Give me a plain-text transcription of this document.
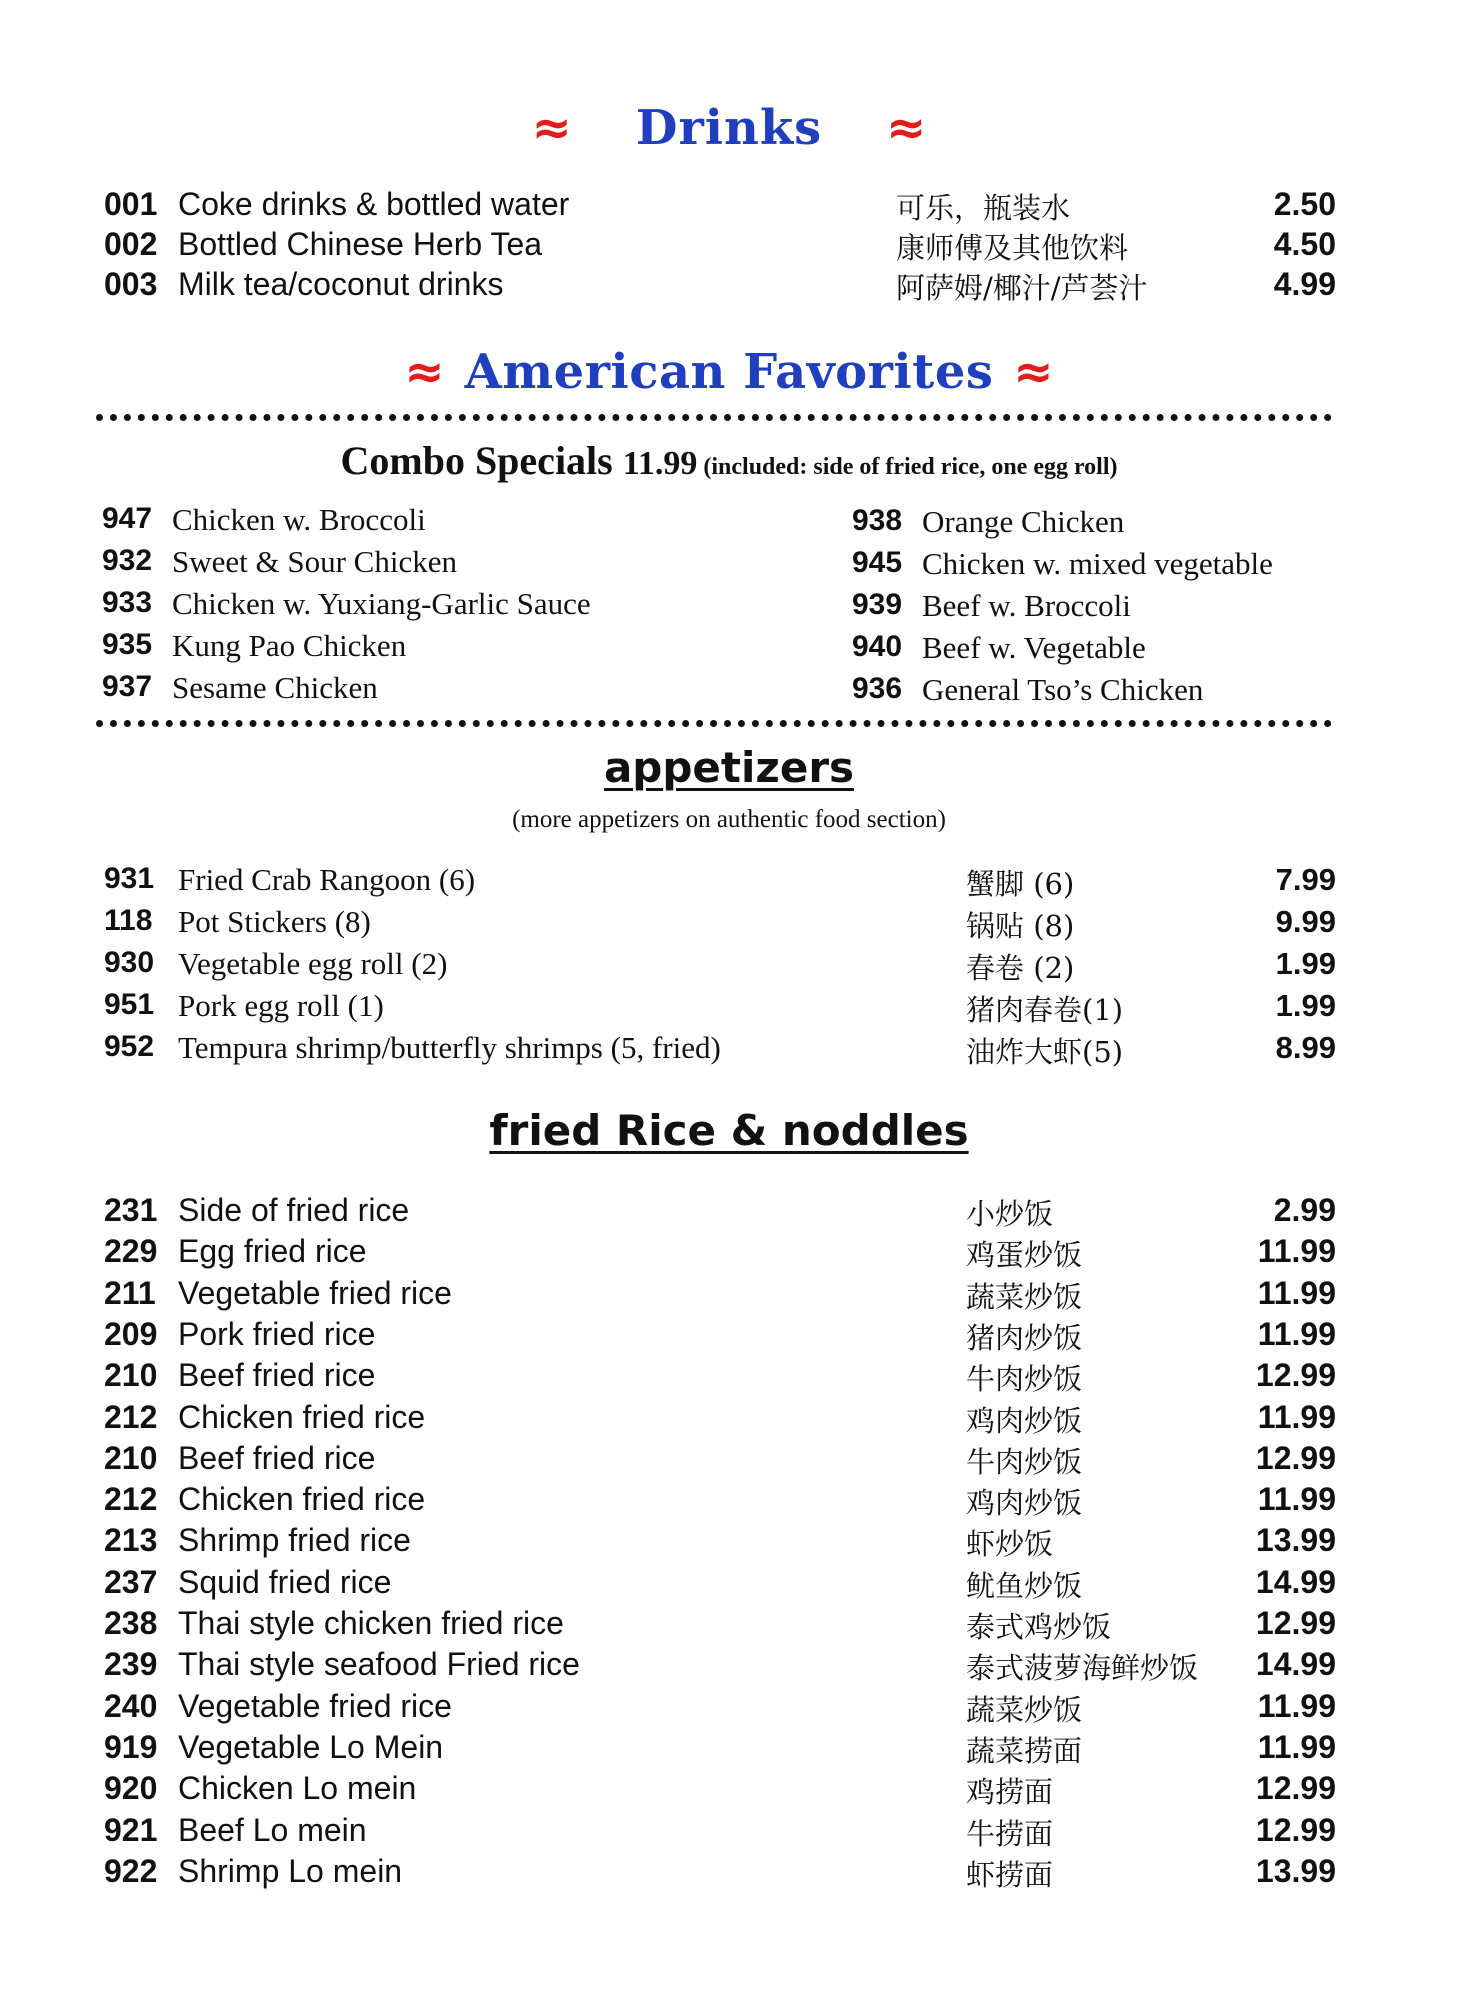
≈ Drinks ≈
001 Coke drinks & bottled water	可乐，瓶装水	2.50
002 Bottled Chinese Herb Tea	康师傅及其他饮料	4.50
003 Milk tea/coconut drinks	阿萨姆/椰汁/芦荟汁	4.99
≈ American Favorites ≈
Combo Specials 11.99 (included: side of fried rice, one egg roll)
947 Chicken w. Broccoli
932 Sweet & Sour Chicken
933 Chicken w. Yuxiang-Garlic Sauce
935 Kung Pao Chicken
937 Sesame Chicken
938 Orange Chicken
945 Chicken w. mixed vegetable
939 Beef w. Broccoli
940 Beef w. Vegetable
936 General Tso’s Chicken
appetizers
(more appetizers on authentic food section)
931 Fried Crab Rangoon (6)	蟹脚 (6)	7.99
118 Pot Stickers (8)	锅贴 (8)	9.99
930 Vegetable egg roll (2)	春卷 (2)	1.99
951 Pork egg roll (1)	猪肉春卷(1)	1.99
952 Tempura shrimp/butterfly shrimps (5, fried)	油炸大虾(5)	8.99
fried Rice & noddles
231 Side of fried rice	小炒饭	2.99
229 Egg fried rice	鸡蛋炒饭	11.99
211 Vegetable fried rice	蔬菜炒饭	11.99
209 Pork fried rice	猪肉炒饭	11.99
210 Beef fried rice	牛肉炒饭	12.99
212 Chicken fried rice	鸡肉炒饭	11.99
210 Beef fried rice	牛肉炒饭	12.99
212 Chicken fried rice	鸡肉炒饭	11.99
213 Shrimp fried rice	虾炒饭	13.99
237 Squid fried rice	鱿鱼炒饭	14.99
238 Thai style chicken fried rice	泰式鸡炒饭	12.99
239 Thai style seafood Fried rice	泰式菠萝海鲜炒饭 14.99
240 Vegetable fried rice	蔬菜炒饭	11.99
919 Vegetable Lo Mein	蔬菜捞面	11.99
920 Chicken Lo mein	鸡捞面	12.99
921 Beef Lo mein	牛捞面	12.99
922 Shrimp Lo mein	虾捞面	13.99
